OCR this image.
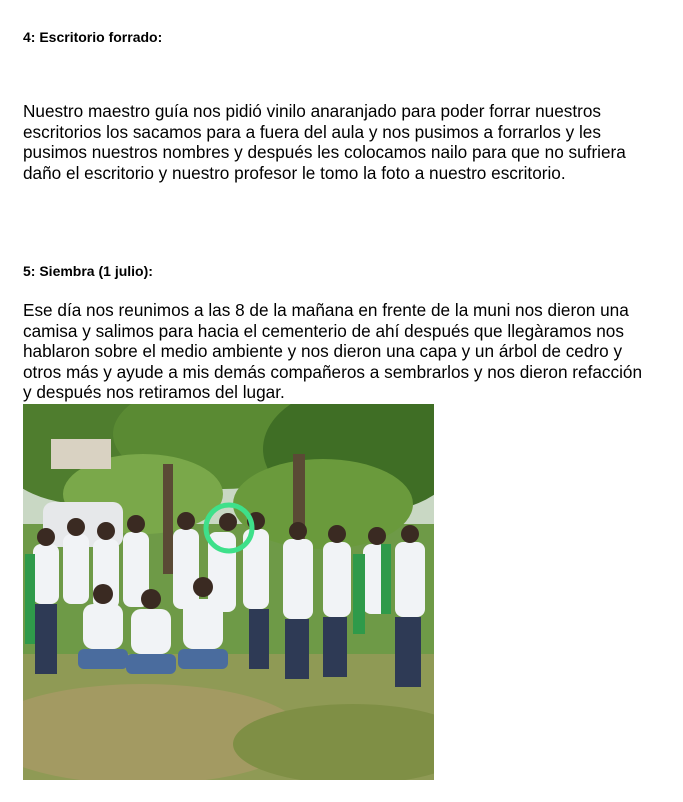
4: Escritorio forrado:

Nuestro maestro guía nos pidió vinilo anaranjado para poder forrar nuestros escritorios los sacamos para a fuera del aula y nos pusimos a forrarlos y les pusimos nuestros nombres y después les colocamos nailo para que no sufriera daño el escritorio y nuestro profesor le tomo la foto a nuestro escritorio.

5: Siembra (1 julio):

Ese día nos reunimos a las 8 de la mañana en frente de la muni nos dieron una camisa y salimos para hacia el cementerio de ahí después que llegàramos nos hablaron sobre el medio ambiente y nos dieron una capa y un árbol de cedro y otros más y ayude a mis demás compañeros a sembrarlos y nos dieron refacción y después nos retiramos del lugar.
